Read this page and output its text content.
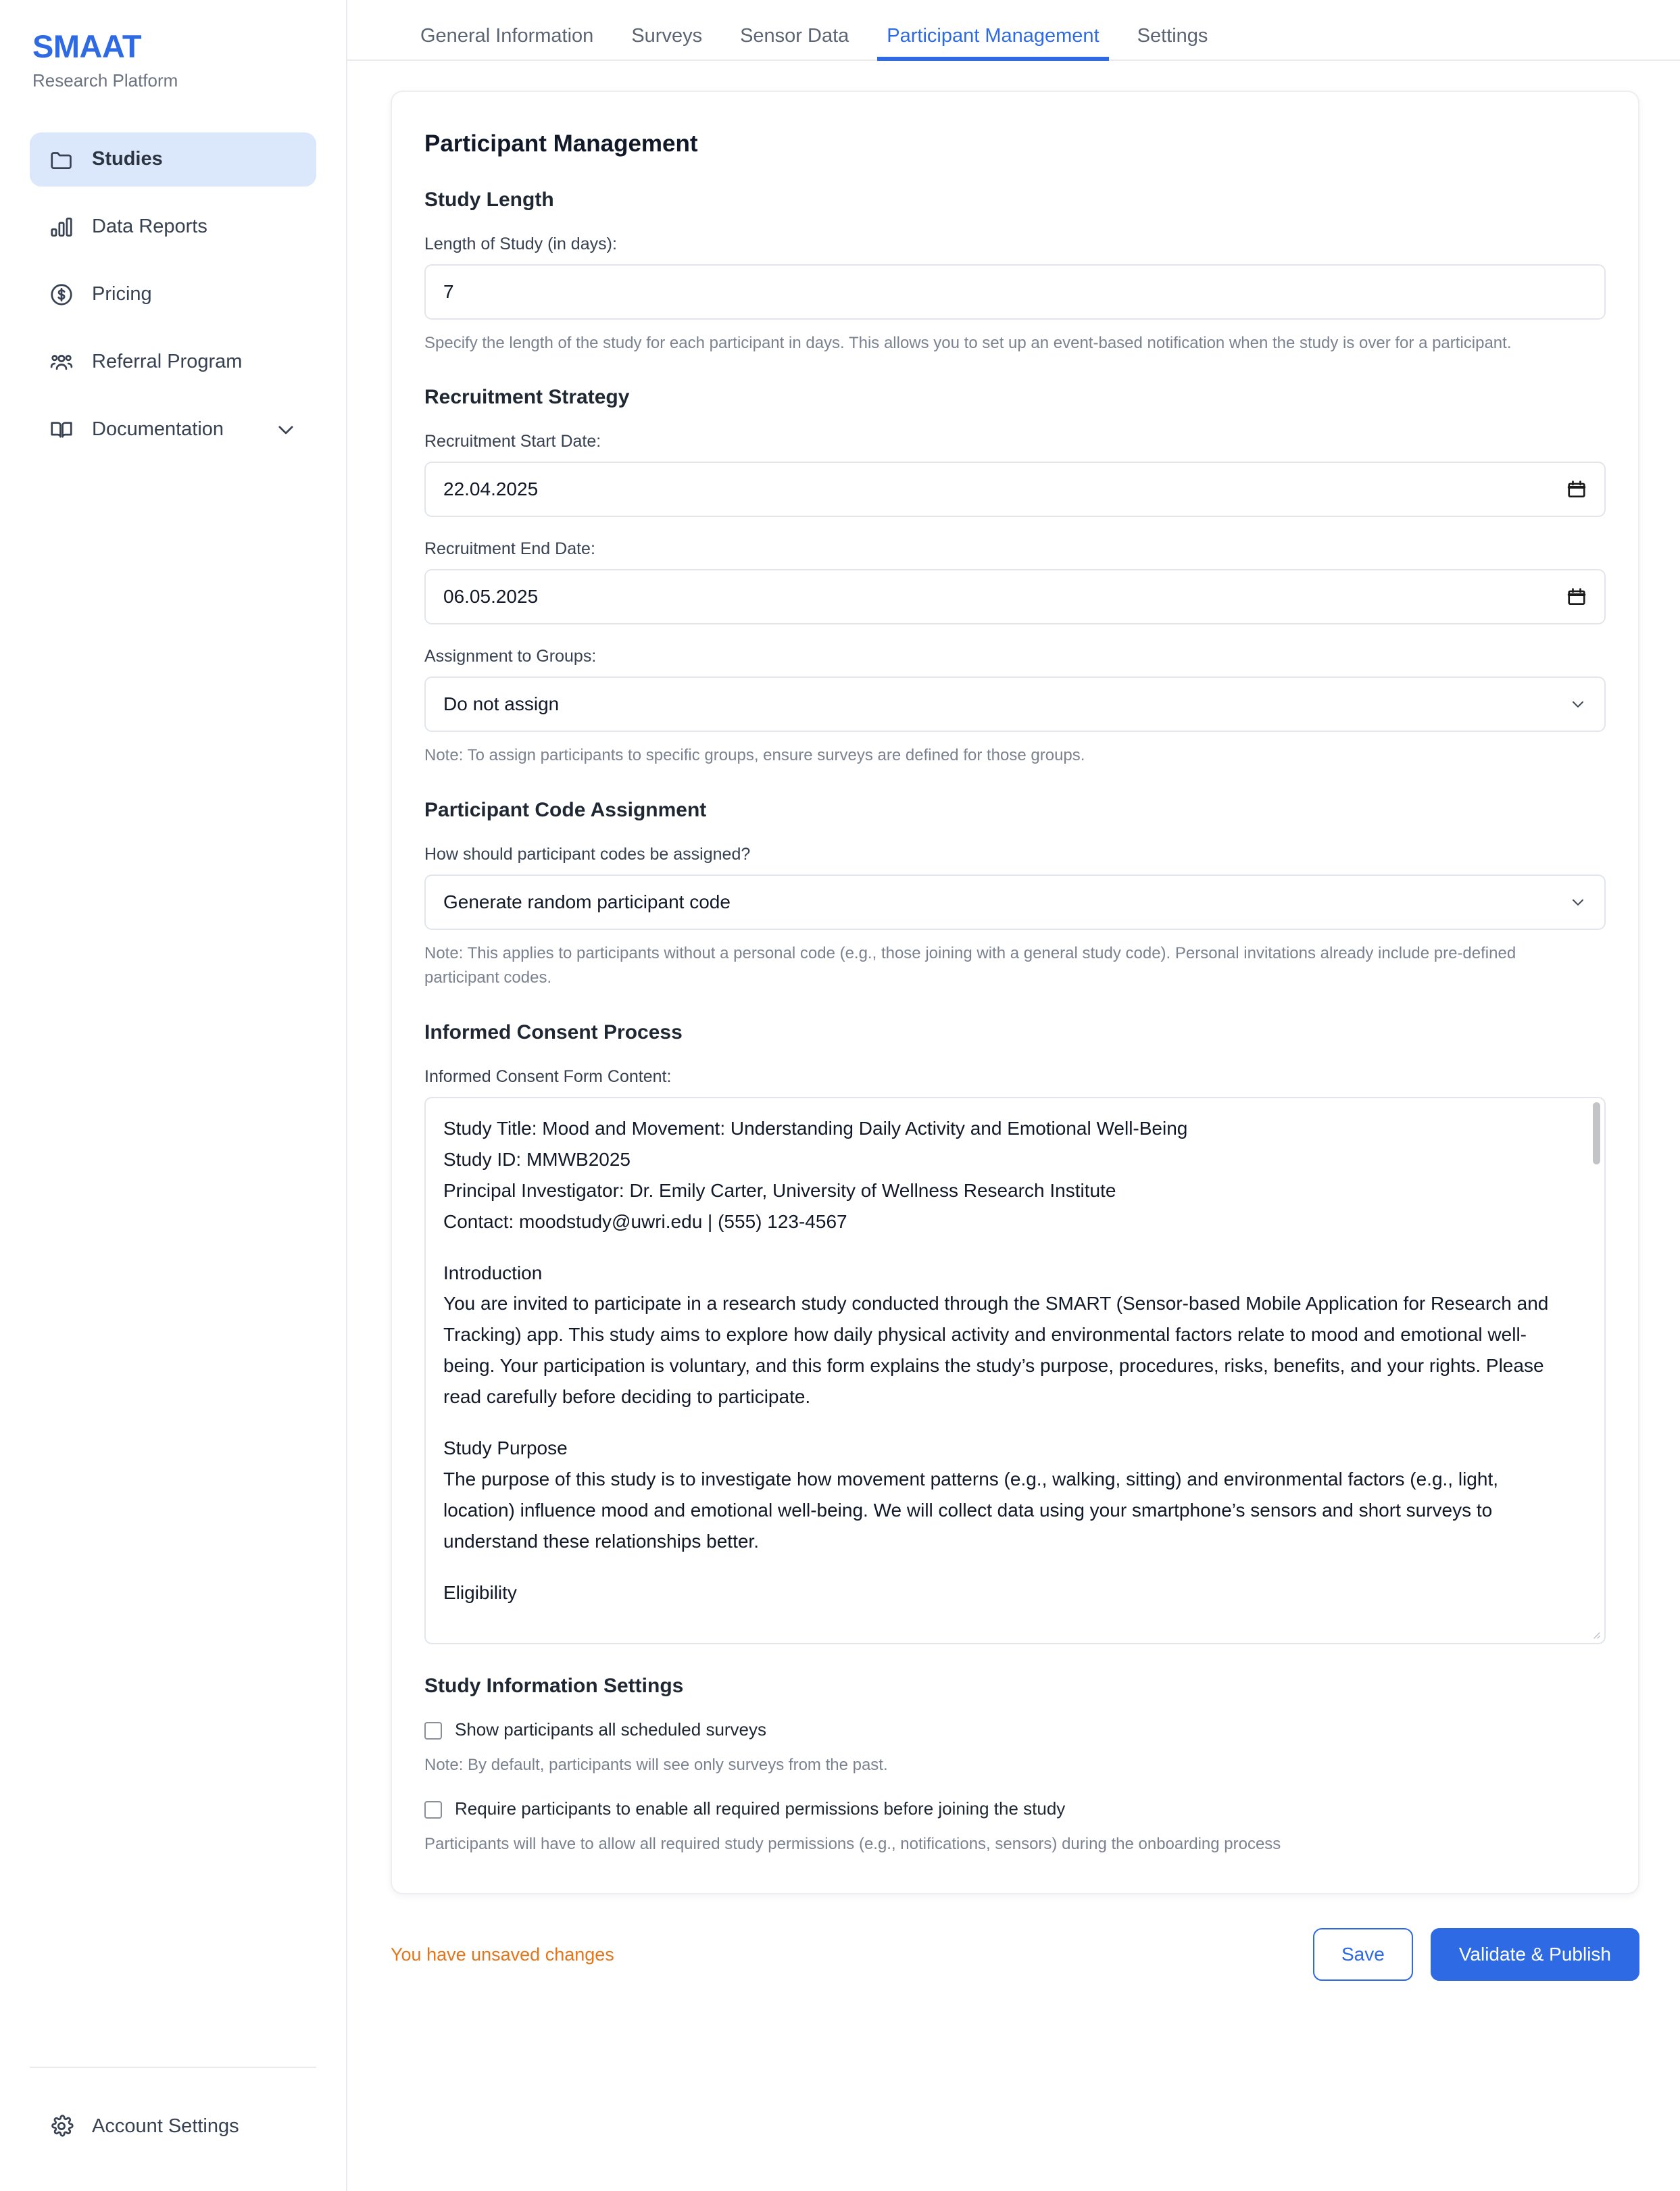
SMAAT
Research Platform
Studies
Data Reports
Pricing
Referral Program
Documentation
Account Settings
General Information	Surveys	Sensor Data	Participant Management	Settings
Participant Management
Study Length
Length of Study (in days):
7

Specify the length of the study for each participant in days. This allows you to set up an event-based notification when the study is over for a participant.

Recruitment Strategy
Recruitment Start Date:
22.04.2025
Recruitment End Date:
06.05.2025
Assignment to Groups:
Do not assign

Note: To assign participants to specific groups, ensure surveys are defined for those groups.

Participant Code Assignment
How should participant codes be assigned?
Generate random participant code

Note: This applies to participants without a personal code (e.g., those joining with a general study code). Personal invitations already include pre-defined participant codes.

Informed Consent Process
Informed Consent Form Content:
Study Title: Mood and Movement: Understanding Daily Activity and Emotional Well-Being
Study ID: MMWB2025
Principal Investigator: Dr. Emily Carter, University of Wellness Research Institute
Contact: moodstudy@uwri.edu | (555) 123-4567
Introduction
You are invited to participate in a research study conducted through the SMART (Sensor-based Mobile Application for Research and Tracking) app. This study aims to explore how daily physical activity and environmental factors relate to mood and emotional well-being. Your participation is voluntary, and this form explains the study’s purpose, procedures, risks, benefits, and your rights. Please read carefully before deciding to participate.
Study Purpose
The purpose of this study is to investigate how movement patterns (e.g., walking, sitting) and environmental factors (e.g., light, location) influence mood and emotional well-being. We will collect data using your smartphone’s sensors and short surveys to understand these relationships better.
Eligibility
Study Information Settings
Show participants all scheduled surveys

Note: By default, participants will see only surveys from the past.

Require participants to enable all required permissions before joining the study

Participants will have to allow all required study permissions (e.g., notifications, sensors) during the onboarding process

You have unsaved changes	Save	Validate & Publish
